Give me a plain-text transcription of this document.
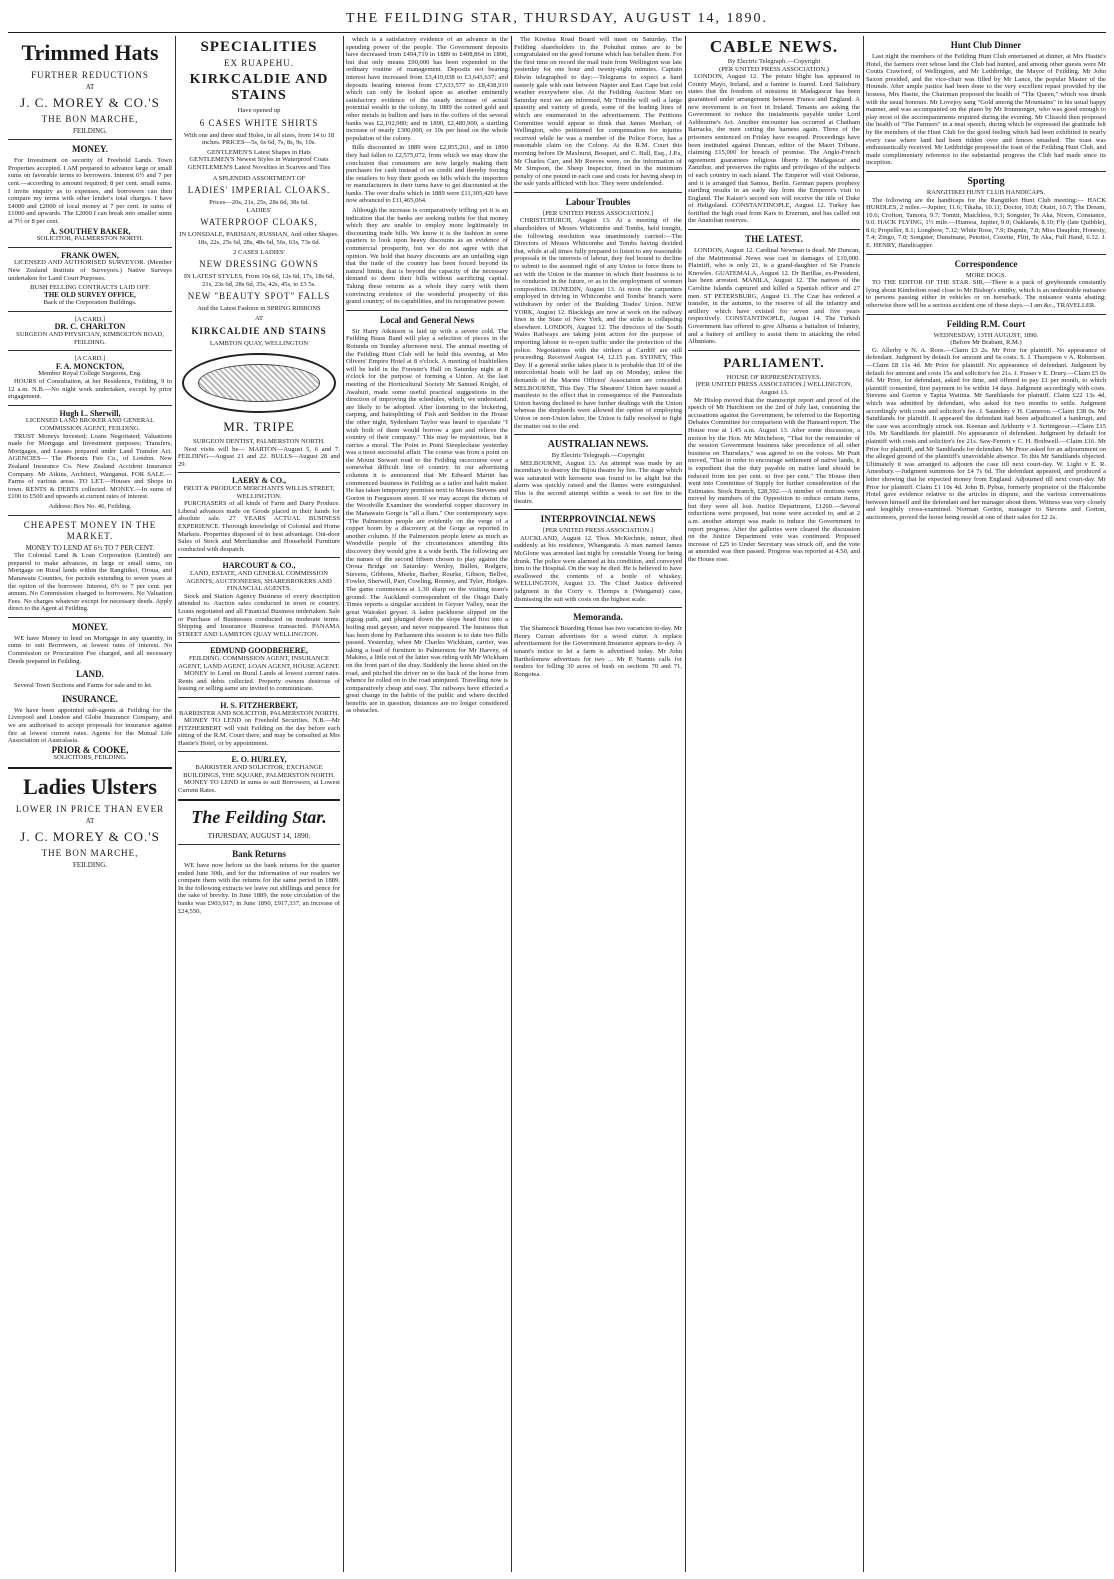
THE FEILDING STAR, THURSDAY, AUGUST 14, 1890.
Trimmed Hats
FURTHER REDUCTIONS
AT
J. C. MOREY & CO.'S
THE BON MARCHE,
FEILDING.
MONEY.

For Investment on security of Freehold Lands. Town Properties accepted. I AM prepared to advance large or small sums on favorable terms to borrowers. Interest 6½ and 7 per cent.—according to amount required; 8 per cent. small sums. I invite enquiry as to expenses, and borrowers can then compare my terms with other lender's total charges. I have £4000 and £2000 of local money at 7 per cent. in sums of £1000 and upwards. The £2000 I can break into smaller sums at 7½ or 8 per cent.

A. SOUTHEY BAKER,
SOLICITOR, PALMERSTON NORTH.
FRANK OWEN,

LICENSED AND AUTHORISED SURVEYOR. (Member New Zealand Institute of Surveyors.) Native Surveys undertaken for Land Court Purposes.

BUSH FELLING CONTRACTS LAID OFF.
THE OLD SURVEY OFFICE,
Back of the Corporation Buildings.
[A CARD.]
DR. C. CHARLTON
SURGEON AND PHYSICIAN, KIMBOLTON ROAD, FEILDING.
[A CARD.]
F. A. MONCKTON,
Member Royal College Surgeons, Eng.

HOURS of Consultation, at her Residence, Feilding, 9 to 12 a.m. N.B.—No night work undertaken, except by prior engagement.

Hugh L. Sherwill,
LICENSED LAND BROKER AND GENERAL COMMISSION AGENT, FEILDING.

TRUST Moneys Invested; Loans Negotiated; Valuations made for Mortgage and Investment purposes; Transfers, Mortgages, and Leases prepared under Land Transfer Act. AGENCIES— The Phoenix Fire Co., of London. New Zealand Insurance Co. New Zealand Accident Insurance Company. Mr Atkins, Architect, Wanganui. FOR SALE.—Farms of various areas. TO LET.—Houses and Shops in town. RENTS & DEBTS collected. MONEY.—In sums of £100 to £500 and upwards at current rates of interest.

Address: Box No. 46, Feilding.
CHEAPEST MONEY IN THE MARKET.
MONEY TO LEND AT 6½ TO 7 PER CENT.

The Colonial Land & Loan Corporation (Limited) are prepared to make advances, in large or small sums, on Mortgage on Rural lands within the Rangitikei, Oroua, and Manawatu Counties, for periods extending to seven years at the option of the borrower. Interest, 6½ to 7 per cent. per annum. No Commission charged to borrowers. No Valuation Fees. No charges whatever except for necessary deeds. Apply direct to the Agent at Feilding.

MONEY.

WE have Money to lend on Mortgage in any quantity, in sums to suit Borrowers, at lowest rates of interest. No Commission or Procuration Fee charged, and all necessary Deeds prepared in Feilding.

LAND.

Several Town Sections and Farms for sale and to let.

INSURANCE.

We have been appointed sub-agents at Feilding for the Liverpool and London and Globe Insurance Company, and we are authorised to accept proposals for insurance against fire at lowest current rates. Agents for the Mutual Life Association of Australasia.

PRIOR & COOKE,
SOLICITORS, FEILDING.
Ladies Ulsters
LOWER IN PRICE THAN EVER
AT
J. C. MOREY & CO.'S
THE BON MARCHE,
FEILDING.
SPECIALITIES
EX RUAPEHU.
KIRKCALDIE AND STAINS
Have opened up
6 CASES WHITE SHIRTS

With one and three stud Holes, in all sizes, from 14 to 18 inches. PRICES—5s, 6s 6d, 7s, 8s, 9s, 10s.

GENTLEMEN'S Latest Shapes in Hats
GENTLEMEN'S Newest Styles in Waterproof Coats
GENTLEMEN'S Latest Novelties in Scarves and Ties
A SPLENDID ASSORTMENT OF
LADIES' IMPERIAL CLOAKS.
Prices—20s, 21s, 25s, 28s 6d, 38s 6d.
LADIES'
WATERPROOF CLOAKS,

IN LONSDALE, PARISIAN, RUSSIAN, And other Shapes. 18s, 22s, 25s 6d, 28s, 48s 6d, 56s, 63s, 73s 6d.

2 CASES LADIES'
NEW DRESSING GOWNS

IN LATEST STYLES, From 10s 6d, 12s 6d, 17s, 18s 6d, 21s, 23s 6d, 28s 6d, 35s, 42s, 45s, to £3 5s.

NEW "BEAUTY SPOT" FALLS

And the Latest Fashion in SPRING RIBBONS

AT
KIRKCALDIE AND STAINS
LAMBTON QUAY, WELLINGTON
MR. TRIPE
SURGEON DENTIST, PALMERSTON NORTH.

Next visits will be— MARTON—August 5, 6 and 7. FEILDING—August 21 and 22. BULLS—August 28 and 29.

LAERY & CO.,
FRUIT & PRODUCE MERCHANTS WILLIS STREET, WELLINGTON.

PURCHASERS of all kinds of Farm and Dairy Produce. Liberal advances made on Goods placed in their hands for absolute sale. 27 YEARS ACTUAL BUSINESS EXPERIENCE. Thorough knowledge of Colonial and Home Markets. Properties disposed of to best advantage. Out-door Sales of Stock and Merchandise and Household Furniture conducted with despatch.

HARCOURT & CO.,
LAND, ESTATE, AND GENERAL COMMISSION AGENTS, AUCTIONEERS, SHAREBROKERS AND FINANCIAL AGENTS.

Stock and Station Agency Business of every description attended to. Auction sales conducted in town or country. Loans negotiated and all Financial Business undertaken. Sale or Purchase of Businesses conducted on moderate terms. Shipping and Insurance Business transacted. PANAMA STREET AND LAMBTON QUAY WELLINGTON.

EDMUND GOODBEHERE,
FEILDING. COMMISSION AGENT, INSURANCE AGENT, LAND AGENT, LOAN AGENT, HOUSE AGENT.

MONEY to Lend on Rural Lands at lowest current rates. Rents and debts collected. Property owners desirous of leasing or selling same are invited to communicate.

H. S. FITZHERBERT,
BARRISTER AND SOLICITOR, PALMERSTON NORTH.

MONEY TO LEND on Freehold Securities. N.B.—Mr FITZHERBERT will visit Feilding on the day before each sitting of the R.M. Court there, and may be consulted at Mrs Hastie's Hotel, or by appointment.

E. O. HURLEY,
BARRISTER AND SOLICITOR, EXCHANGE BUILDINGS, THE SQUARE, PALMERSTON NORTH.

MONEY TO LEND in sums to suit Borrowers, at Lowest Current Rates.

The Feilding Star.
THURSDAY, AUGUST 14, 1890.
Bank Returns

WE have now before us the bank returns for the quarter ended June 30th, and for the information of our readers we compare them with the returns for the same period in 1889. In the following extracts we leave out shillings and pence for the sake of brevity. In June 1889, the note circulation of the banks was £903,917; in June 1890, £917,337, an increase of £24,550,

which is a satisfactory evidence of an advance in the spending power of the people. The Government deposits have decreased from £494,719 in 1889 to £408,864 in 1890, but that only means £90,000 has been expended in the ordinary routine of management. Deposits not bearing interest have increased from £3,419,038 to £3,643,637; and deposits bearing interest from £7,633,577 to £8,438,910 which can only be looked upon as another eminently satisfactory evidence of the steady increase of actual potential wealth in the colony. In 1889 the coined gold and other metals in bullion and bars in the coffers of the several banks was £2,192,980; and in 1890, £2,480,900, a startling increase of nearly £300,000, or 10s per head on the whole population of the colony.

Bills discounted in 1889 were £2,855,261, and in 1890 they had fallen to £2,575,072, from which we may draw the conclusion that consumers are now largely making their purchases for cash instead of on credit and thereby forcing the retailers to buy their goods on bills which the importers or manufacturers in their turns have to get discounted at the banks. The over drafts which in 1889 were £11,305,420 have now advanced to £11,465,064.

Although the increase is comparatively trifling yet it is an indication that the banks are seeking outlets for that money which they are unable to employ more legitimately in discounting trade bills. We know it is the fashion in some quarters to look upon heavy discounts as an evidence of commercial prosperity, but we do not agree with that opinion. We hold that heavy discounts are an unfailing sign that the trade of the country has been forced beyond its natural limits, that is beyond the capacity of the necessary demand to deem their bills without sacrificing capital. Taking these returns as a whole they carry with them convincing evidence of the wonderful prosperity of this grand country; of its capabilities, and its recuperative power.

Local and General News

Sir Harry Atkinson is laid up with a severe cold. The Feilding Brass Band will play a selection of pieces in the Rotunda on Sunday afternoon next. The annual meeting of the Feilding Hunt Club will be held this evening, at Mrs Olivers' Empire Hotel at 8 o'clock. A meeting of bushfellers will be held in the Forester's Hall on Saturday night at 8 o'clock for the purpose of forming a Union. At the last meeting of the Horticultural Society Mr Samuel Knight, of Awahuri, made some useful practical suggestions in the direction of improving the schedules, which, we understand, are likely to be adopted. After listening to the bickering, carping, and hairsplitting of Fish and Seddon in the House the other night, Sydenham Taylor was heard to ejaculate "I wish both of them would borrow a gun and relieve the country of their company." This may be mysterious, but it carries a moral. The Point to Point Steeplechase yesterday was a most successful affair. The course was from a point on the Mount Stewart road to the Feilding racecourse over a somewhat difficult line of country. In our advertising columns it is announced that Mr Edward Martin has commenced business in Feilding as a tailor and habit maker. He has taken temporary premises next to Messrs Stevens and Gorton in Fergusson street. If we may accept the dictum of the Woodville Examiner the wonderful copper discovery in the Manawatu Gorge is "all a flam." Our contemporary says: "The Palmerston people are evidently on the verge of a copper boom by a discovery at the Gorge as reported in another column. If the Palmerston people knew as much as Woodville people of the circumstances attending this discovery they would give it a wide berth. The following are the names of the second fifteen chosen to play against the Oroua Bridge on Saturday: Wenley, Bullen, Rodgers, Stevens, Gibbons, Meeke, Barber, Rourke, Gibson, Bellve, Fowler, Sherwill, Parr, Cowling, Rooney, and Tyler, Hodges. The game commences at 1.30 sharp on the visiting team's ground. The Auckland correspondent of the Otago Daily Times reports a singular accident in Geyser Valley, near the great Wairakei geyser. A laden packhorse slipped on the zigzag path, and plunged down the slope head first into a boiling mud geyser, and never reappeared. The business that has been done by Parliament this session is to date two Bills passed. Yesterday, when Mr Charles Wickham, carrier, was taking a load of furniture to Palmerston for Mr Harvey, of Makino, a little out of the latter was riding with Mr Wickham on the front part of the dray. Suddenly the horse shied on the road, and pitched the driver on to the back of the horse from whence he rolled on to the road uninjured. Travelling now is comparatively cheap and easy. The railways have effected a great change in the habits of the public and where decided benefits are in question, distances are no longer considered as obstacles.

The Kiwitea Road Board will meet on Saturday. The Feilding shareholders in the Pohuhui mines are to be congratulated on the good fortune which has befallen them. For the first time on record the mail train from Wellington was late yesterday for one hour and twenty-eight minutes. Captain Edwin telegraphed to day:—Telegrams to expect a hard easterly gale with rain between Napier and East Cape but cold weather everywhere else. At the Feilding Auction Mart on Saturday next we are informed, Mr Trimble will sell a large quantity and variety of goods, some of the leading lines of which are enumerated in the advertisement. The Petitions Committee would appear to think that James Meehan, of Wellington, who petitioned for compensation for injuries received while he was a member of the Police Force, has a reasonable claim on the Colony. At the R.M. Court this morning before Dr Maxhurst, Bosquet, and C. Bull, Esq., J.P.s, Mr Charles Carr, and Mr Reeves were, on the information of Mr Simpson, the Sheep Inspector, fined in the minimum penalty of one pound in each case and costs for having sheep in the sale yards afflicted with lice. They were undefended.

Labour Troubles
[PER UNITED PRESS ASSOCIATION.]

CHRISTCHURCH, August 13. At a meeting of the shareholders of Messrs Whitcombe and Tombs, held tonight, the following resolution was unanimously carried:—The Directors of Messrs Whitcombe and Tombs having decided that, while at all times fully prepared to listen to any reasonable proposals in the interests of labour, they feel bound to decline to submit to the assumed right of any Union to force them to act with the Union in the manner in which their business is to be conducted in the future, or as to the employment of women compositors. DUNEDIN, August 13. At noon the carpenters employed in driving in Whitcombe and Tombs' branch were withdrawn by order of the Building Trades' Union. NEW YORK, August 12. Blacklegs are now at work on the railway lines in the State of New York, and the strike is collapsing elsewhere. LONDON, August 12. The directors of the South Wales Railways are taking joint action for the purpose of importing labour to re-open traffic under the protection of the police. Negotiations with the strikers at Cardiff are still proceeding. Received August 14, 12.15 p.m. SYDNEY, This Day. If a general strike takes place it is probable that 10 of the intercolonial boats will be laid up on Monday, unless the demands of the Marine Officers' Association are conceded. MELBOURNE, This Day. The Shearers' Union have issued a manifesto to the effect that in consequence of the Pastoralists Union having declined to have further dealings with the Union whereas the shepherds were allowed the option of employing Union or non-Union labor, the Union is fully resolved to fight the matter out to the end.

AUSTRALIAN NEWS.
By Electric Telegraph.—Copyright

MELBOURNE, August 13. An attempt was made by an incendiary to destroy the Bijou theatre by fire. The stage which was saturated with kerosene was found to be alight but the alarm was quickly raised and the flames were extinguished. This is the second attempt within a week to set fire to the theatre.

INTERPROVINCIAL NEWS
[PER UNITED PRESS ASSOCIATION.]

AUCKLAND, August 12. Thos. McKechnie, miner, died suddenly at his residence, Whangarata. A man named James McGlone was arrested last night by constable Young for being drunk. The police were alarmed at his condition, and conveyed him to the Hospital. On the way he died. He is believed to have swallowed the contents of a bottle of whiskey. WELLINGTON, August 13. The Chief Justice delivered judgment in the Corry v. Thomps n (Wanganui) case, dismissing the suit with costs on the highest scale.

Memoranda.

The Shamrock Boarding House has two vacancies to-day. Mr Henry Curran advertises for a wood cutter. A replace advertisement for the Government Insurance appears to-day. A tenant's notice to let a farm is advertised today. Mr John Bartholomew advertises for two ... Mr P. Nannis calls for tenders for felling 30 acres of bush on sections 70 and 71, Rongotea.

CABLE NEWS.
By Electric Telegraph.—Copyright
(PER UNITED PRESS ASSOCIATION.)

LONDON, August 12. The potato blight has appeared in County Mayo, Ireland, and a famine is feared. Lord Salisbury states that the freedom of missions in Madagascar has been guaranteed under arrangement between France and England. A new movement is on foot in Ireland. Tenants are asking the Government to reduce the instalments payable under Lord Ashbourne's Act. Another encounter has occurred at Chatham Barracks, the men cutting the harness again. Three of the prisoners sentenced on Friday have escaped. Proceedings have been instituted against Duncan, editor of the Maori Tribune, claiming £15,000 for breach of promise. The Anglo-French agreement guarantees religious liberty in Madagascar and Zanzibar, and preserves the rights and privileges of the subjects of each country in each island. The Emperor will visit Osborne, and it is arranged that Samoa, Berlin. German papers prophesy startling results in an early day from the Emperor's visit to England. The Kaiser's second son will receive the title of Duke of Heligoland. CONSTANTINOPLE, August 12. Turkey has fortified the high road from Kars to Erzerum, and has called out the Anatolian reserves.

THE LATEST.

LONDON, August 12. Cardinal Newman is dead. Mr Duncan, of the Matrimonial News was cast in damages of £10,000. Plaintiff, who is only 21, is a grand-daughter of Sir Francis Knowles. GUATEMALA, August 12. Dr Barillas, ex-President, has been arrested. MANILA, August 12. The natives of the Caroline Islands captured and killed a Spanish officer and 27 men. ST PETERSBURG, August 13. The Czar has ordered a transfer, in the autumn, to the reserve of all the infantry and artillery which have existed for seven and five years respectively. CONSTANTINOPLE, August 14. The Turkish Government has offered to give Albania a battalion of Infantry, and a battery of artillery to assist them in attacking the rebel Albanians.

PARLIAMENT.
HOUSE OF REPRESENTATIVES.
[PER UNITED PRESS ASSOCIATION.] WELLINGTON, August 13.

Mr Hislop moved that the manuscript report and proof of the speech of Mr Hutchison on the 2nd of July last, containing the accusations against the Government, be referred to the Reporting Debates Committee for comparison with the Hansard report. The House rose at 1.45 a.m. August 13. After some discussion, a motion by the Hon. Mr Mitchelson, "That for the remainder of the session Government business take precedence of all other business on Thursdays," was agreed to on the voices. Mr Pratt moved, "That in order to encourage settlement of native lands, it is expedient that the duty payable on native land should be reduced from ten per cent. to five per cent." The House then went into Committee of Supply for further consideration of the Estimates. Stock Branch, £28,592.—A number of motions were moved by members of the Opposition to reduce certain items, but they were all lost. Justice Department, £1260.—Several reductions were proposed, but none were acceded to, and at 2 a.m. another attempt was made to induce the Government to report progress. After the galleries were cleared the discussion on the Justice Department vote was continued. Proposed increase of £25 to Under Secretary was struck off, and the vote as amended was then passed. Progress was reported at 4.50, and the House rose.

Hunt Club Dinner

Last night the members of the Feilding Hunt Club entertained at dinner, at Mrs Hastie's Hotel, the farmers over whose land the Club had hunted, and among other guests were Mr Coutts Crawford, of Wellington, and Mr Lethbridge, the Mayor of Feilding. Mr John Saxon presided, and the vice-chair was filled by Mr Lance, the popular Master of the Hounds. After ample justice had been done to the very excellent repast provided by the hostess, Mrs Hastie, the Chairman proposed the health of "The Queen," which was drunk with the usual honours. Mr Lovejoy sang "Gold among the Mountains" in his usual happy manner, and was accompanied on the piano by Mr Ironmonger, who was good enough to play most of the accompaniments required during the evening. Mr Clissold then proposed the health of "The Farmers" in a neat speech, during which he expressed the gratitude felt by the members of the Hunt Club for the good feeling which had been exhibited in nearly every case where land had been ridden over and fences smashed. The toast was enthusiastically received. Mr Lethbridge proposed the toast of the Feilding Hunt Club, and made complimentary reference to the substantial progress the Club had made since its inception.

Sporting
RANGITIKEI HUNT CLUB HANDICAPS.

The following are the handicaps for the Rangitikei Hunt Club meeting:— HACK HURDLES, 2 miles.—Jupiter, 11.6; Tikaha, 10.11; Doctor, 10.8; Otairi, 10.7; The Dream, 10.6; Crofton, Tamora, 9.7; Tomtit, Matchless, 9.3; Songster, Te Aka, Nixon, Constance, 9.0. HACK FLYING, 1½ mile.—Hiamoa, Jupiter, 9.0; Oaklands, 8.10; Fly (late Quibble), 8.6; Propeller, 8.1; Longbow, 7.12; White Rose, 7.9; Dupnie, 7.8; Miss Dauphin, Honesty, 7.4; Zingo, 7.0; Songster, Dunsinane, Petoitoi, Cozette, Flirt, Te Aka, Full Hand, 6.12. J. E. HENRY, Handicapper.

Correspondence
MORE DOGS.

TO THE EDITOR OF THE STAR. SIR,—There is a pack of greyhounds constantly lying about Kimbolton road close to Mr Bishop's smithy, which is an undesirable nuisance to persons passing either in vehicles or on horseback. The nuisance wants abating; otherwise there will be a serious accident one of these days.—I am &c., TRAVELLER.

Feilding R.M. Court
WEDNESDAY, 13TH AUGUST, 1890.
(Before Mr Brabant, R.M.)

G. Allerby v N. A. Roos.—Claim £3 2s. Mr Prior for plaintiff. No appearance of defendant. Judgment by default for amount and 6s costs. S. J. Thompson v A. Robertson.—Claim £8 11s 4d. Mr Prior for plaintiff. No appearance of defendant. Judgment by default for amount and costs 15s and solicitor's fee 21s. J. Fraser v E. Drury.—Claim £5 0s 6d. Mr Prior, for defendant, asked for time, and offered to pay £1 per month, to which plaintiff consented, first payment to be within 14 days. Judgment accordingly with costs. Stevens and Gorton v Tapita Waitina. Mr Sandilands for plaintiff. Claim £22 13s 4d, which was admitted by defendant, who asked for two months to settle. Judgment accordingly with costs and solicitor's fee. J. Saunders v H. Cameron.—Claim £38 0s. Mr Sandilands for plaintiff. It appeared the defendant had been adjudicated a bankrupt, and the case was accordingly struck out. Keenan and Arkhurty v J. Scrimgeour.—Claim £15 10s. Mr Sandilands for plaintiff. No appearance of defendant. Judgment by default for plaintiff with costs and solicitor's fee 21s. Saw-Ferrett v C. H. Bothwell.—Claim £16. Mr Prior for plaintiff, and Mr Sandilands for defendant. Mr Prior asked for an adjournment on the alleged ground of the plaintiff's unavoidable absence. To this Mr Sandilands objected. Ultimately it was arranged to adjourn the case till next court-day. W. Light v E. R. Amesbury.—Judgment summons for £4 7s 6d. The defendant appeared, and produced a letter showing that he expected money from England. Adjourned till next court-day. Mr Prior for plaintiff. Claim £1 10s 4d. John B. Pybus, formerly proprietor of the Halcombe Hotel gave evidence relative to the articles in dispute, and the various conversations between himself and the defendant and her manager about them. Witness was very closely and lengthily cross-examined. Norman Gorton, manager to Stevens and Gorton, auctioneers, proved the horse being resold at one of their sales for £2 2s.
